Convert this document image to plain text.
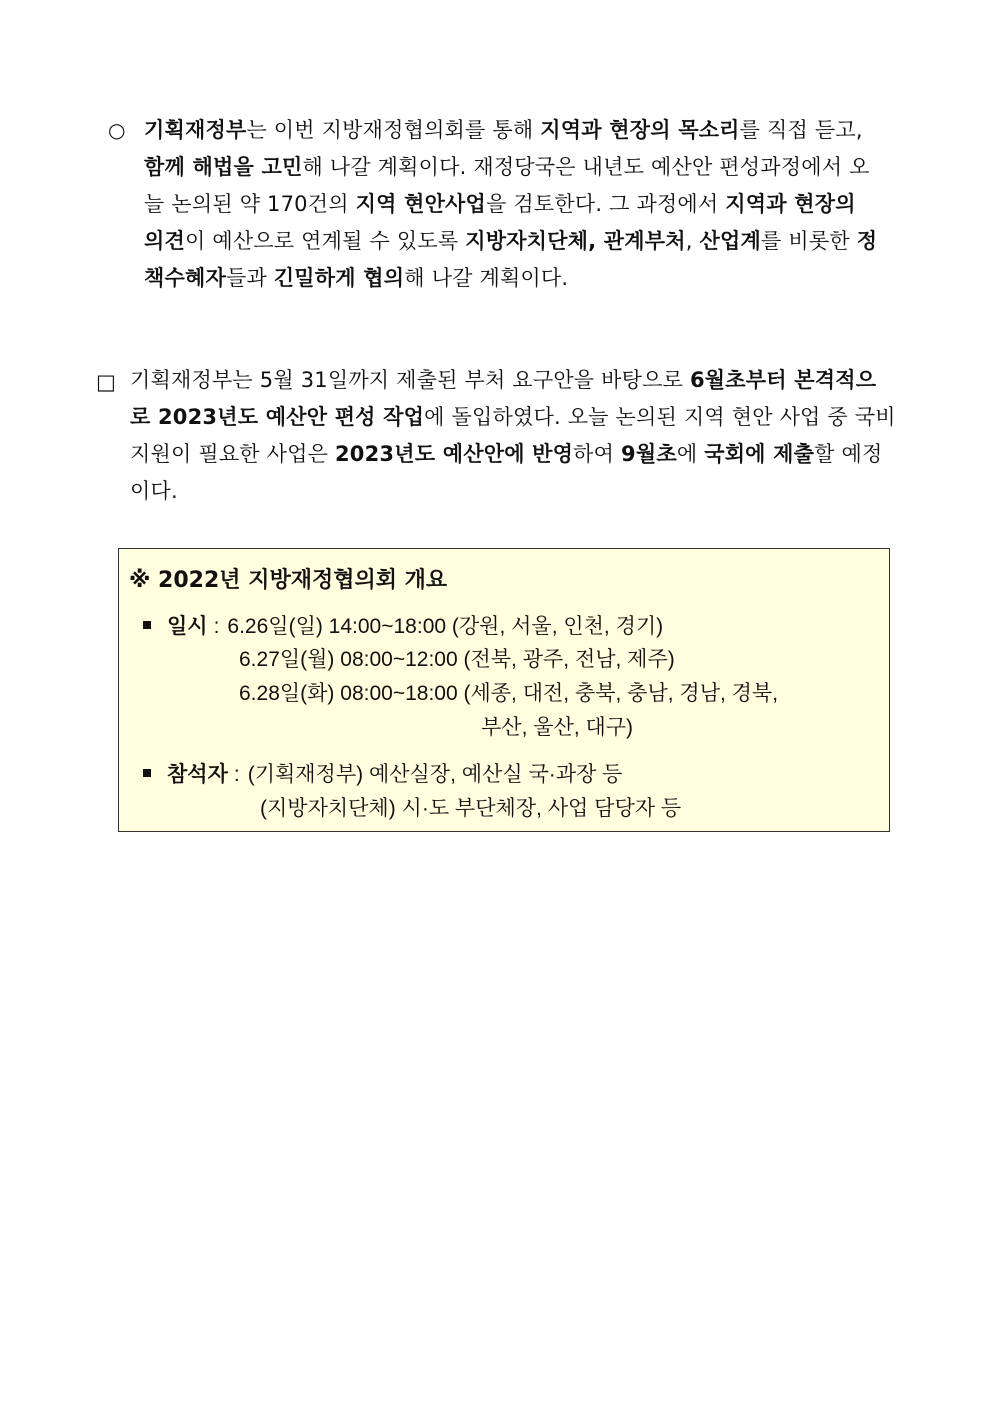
○ 기획재정부는 이번 지방재정협의회를 통해 지역과 현장의 목소리를 직접 듣고, 함께 해법을 고민해 나갈 계획이다. 재정당국은 내년도 예산안 편성과정에서 오늘 논의된 약 170건의 지역 현안사업을 검토한다. 그 과정에서 지역과 현장의 의견이 예산으로 연계될 수 있도록 지방자치단체, 관계부처, 산업계를 비롯한 정책수혜자들과 긴밀하게 협의해 나갈 계획이다.
□ 기획재정부는 5월 31일까지 제출된 부처 요구안을 바탕으로 6월초부터 본격적으로 2023년도 예산안 편성 작업에 돌입하였다. 오늘 논의된 지역 현안 사업 중 국비 지원이 필요한 사업은 2023년도 예산안에 반영하여 9월초에 국회에 제출할 예정이다.
※ 2022년 지방재정협의회 개요
일시 : 6.26일(일) 14:00~18:00 (강원, 서울, 인천, 경기)
6.27일(월) 08:00~12:00 (전북, 광주, 전남, 제주)
6.28일(화) 08:00~18:00 (세종, 대전, 충북, 충남, 경남, 경북,
부산, 울산, 대구)
참석자 : (기획재정부) 예산실장, 예산실 국·과장 등
(지방자치단체) 시·도 부단체장, 사업 담당자 등
